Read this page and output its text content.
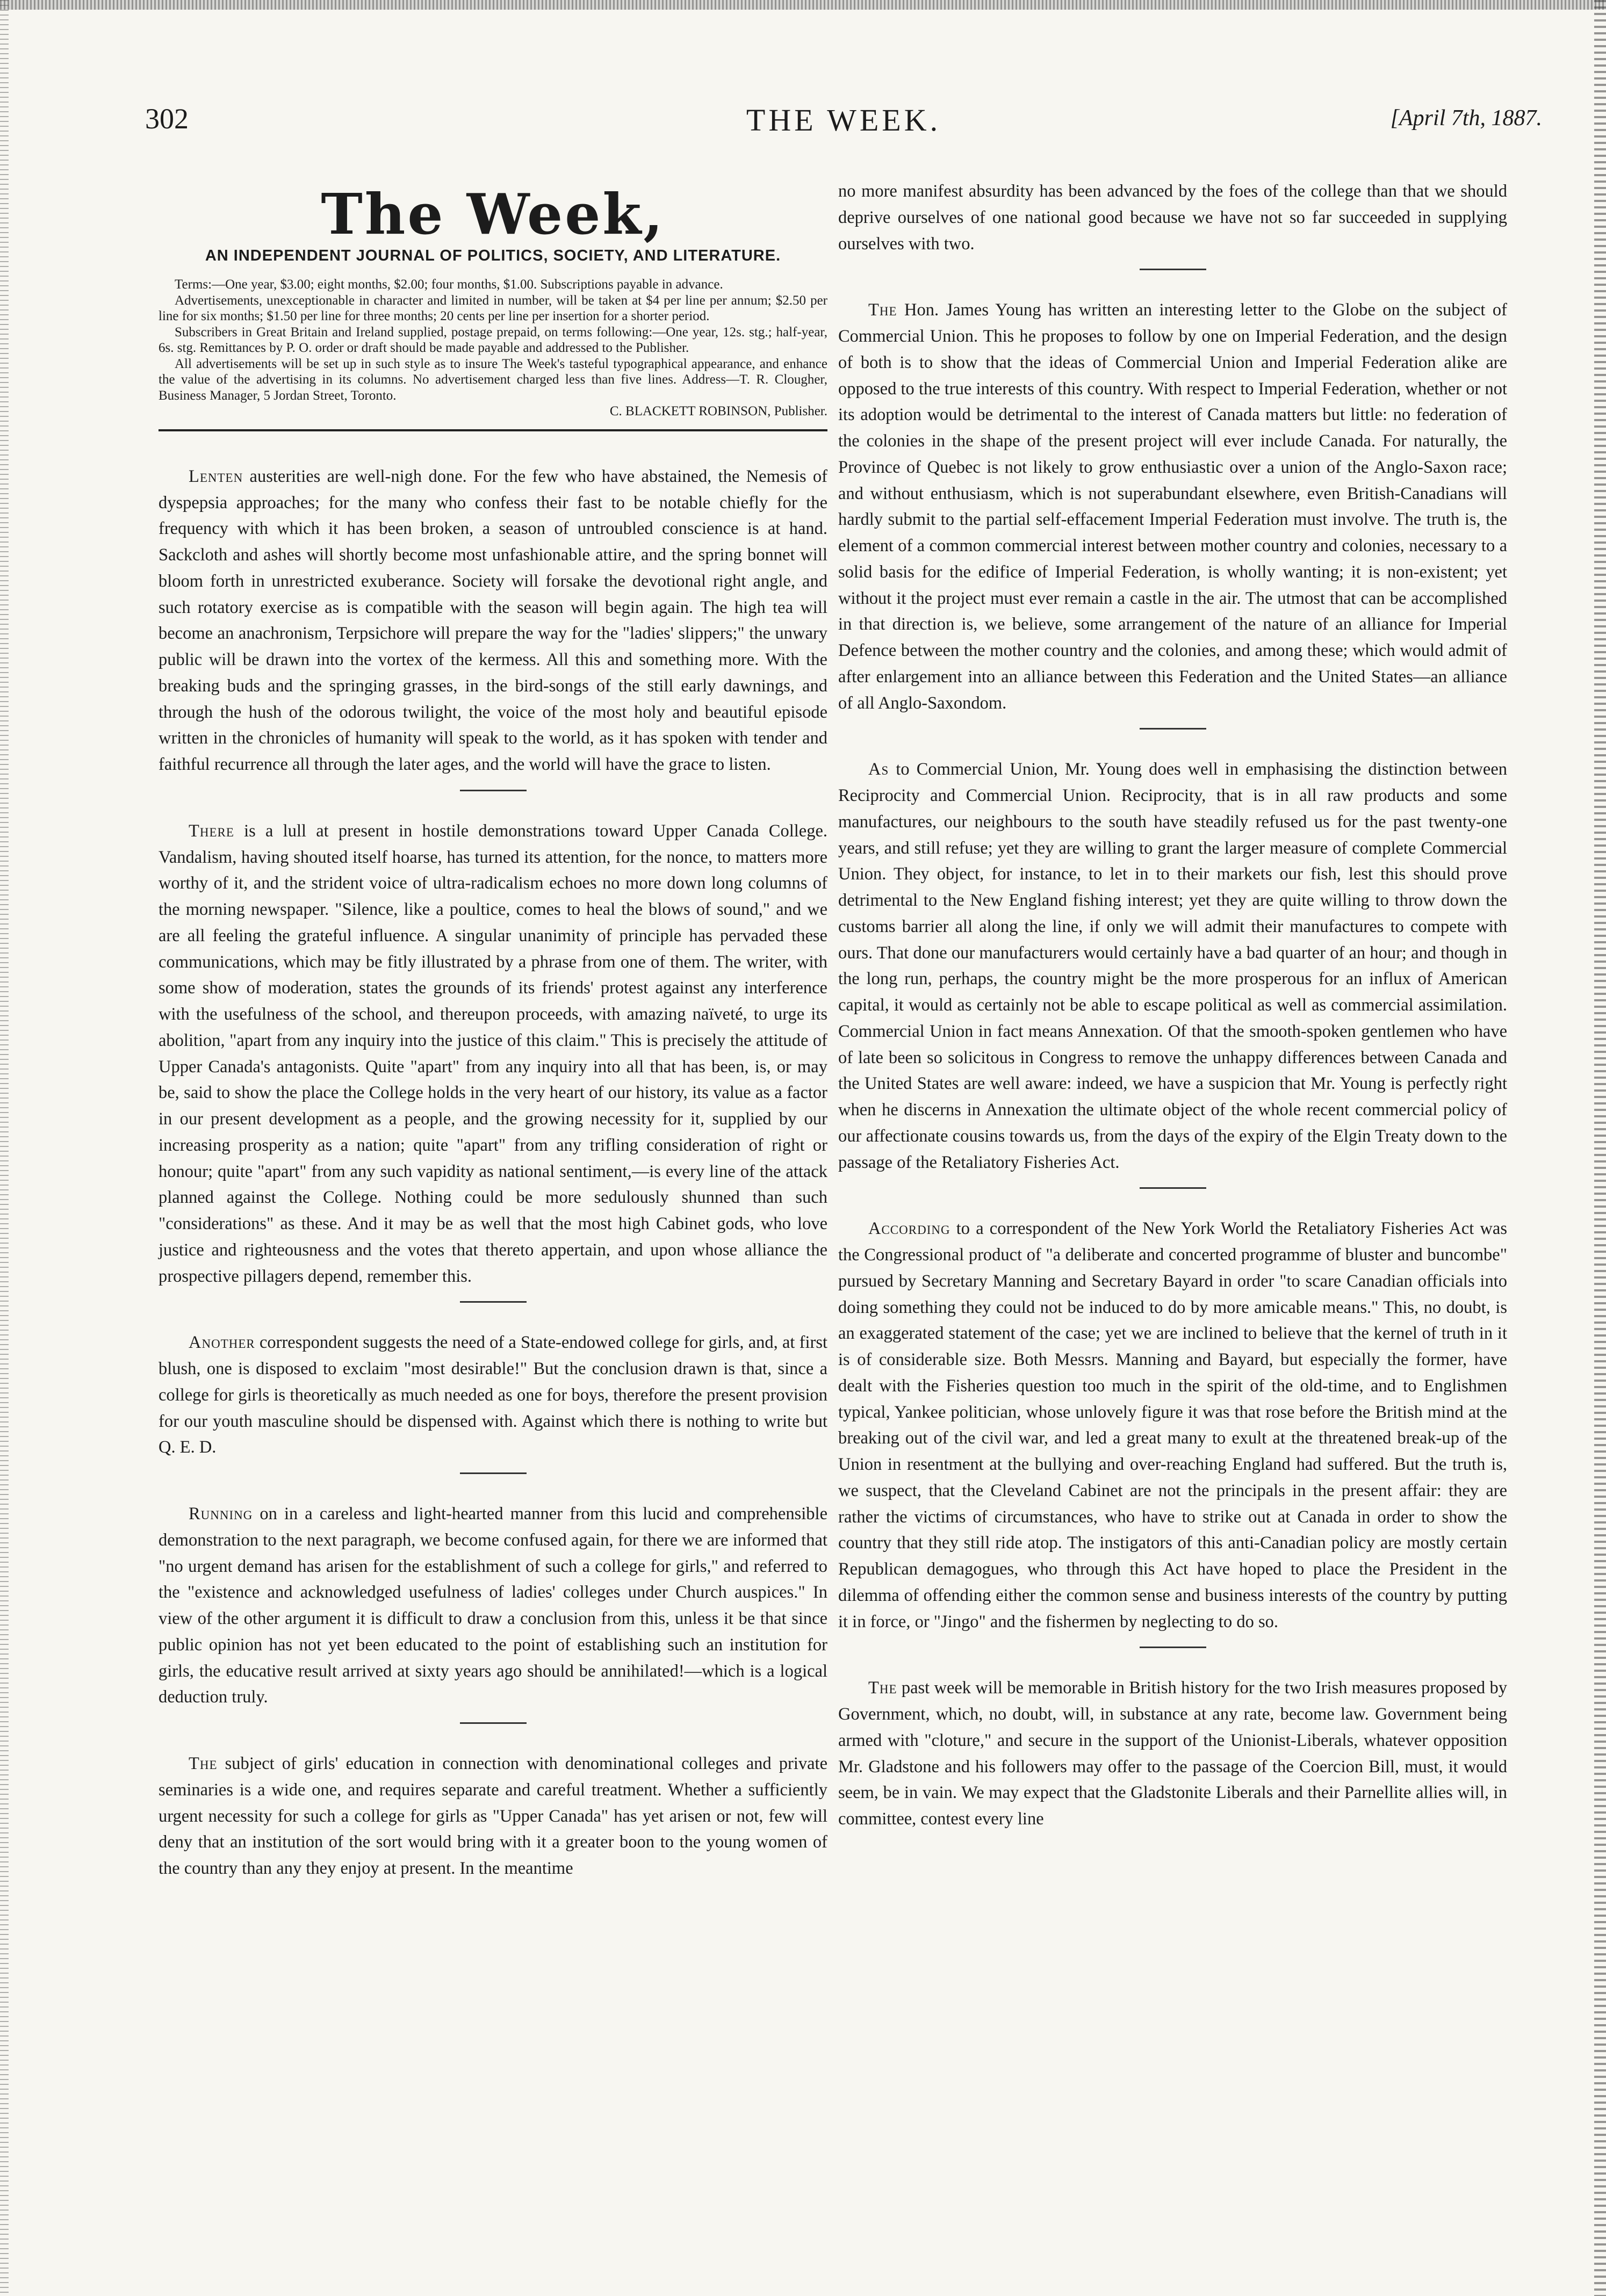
302	THE WEEK.	[April 7th, 1887.
The Week,
AN INDEPENDENT JOURNAL OF POLITICS, SOCIETY, AND LITERATURE.

Terms:—One year, $3.00; eight months, $2.00; four months, $1.00. Subscriptions payable in advance.

Advertisements, unexceptionable in character and limited in number, will be taken at $4 per line per annum; $2.50 per line for six months; $1.50 per line for three months; 20 cents per line per insertion for a shorter period.

Subscribers in Great Britain and Ireland supplied, postage prepaid, on terms following:—One year, 12s. stg.; half-year, 6s. stg. Remittances by P. O. order or draft should be made payable and addressed to the Publisher.

All advertisements will be set up in such style as to insure The Week's tasteful typographical appearance, and enhance the value of the advertising in its columns. No advertisement charged less than five lines. Address—T. R. Clougher, Business Manager, 5 Jordan Street, Toronto.

C. BLACKETT ROBINSON, Publisher.

Lenten austerities are well-nigh done. For the few who have abstained, the Nemesis of dyspepsia approaches; for the many who confess their fast to be notable chiefly for the frequency with which it has been broken, a season of untroubled conscience is at hand. Sackcloth and ashes will shortly become most unfashionable attire, and the spring bonnet will bloom forth in unrestricted exuberance. Society will forsake the devotional right angle, and such rotatory exercise as is compatible with the season will begin again. The high tea will become an anachronism, Terpsichore will prepare the way for the "ladies' slippers;" the unwary public will be drawn into the vortex of the kermess. All this and something more. With the breaking buds and the springing grasses, in the bird-songs of the still early dawnings, and through the hush of the odorous twilight, the voice of the most holy and beautiful episode written in the chronicles of humanity will speak to the world, as it has spoken with tender and faithful recurrence all through the later ages, and the world will have the grace to listen.

There is a lull at present in hostile demonstrations toward Upper Canada College. Vandalism, having shouted itself hoarse, has turned its attention, for the nonce, to matters more worthy of it, and the strident voice of ultra-radicalism echoes no more down long columns of the morning newspaper. "Silence, like a poultice, comes to heal the blows of sound," and we are all feeling the grateful influence. A singular unanimity of principle has pervaded these communications, which may be fitly illustrated by a phrase from one of them. The writer, with some show of moderation, states the grounds of its friends' protest against any interference with the usefulness of the school, and thereupon proceeds, with amazing naïveté, to urge its abolition, "apart from any inquiry into the justice of this claim." This is precisely the attitude of Upper Canada's antagonists. Quite "apart" from any inquiry into all that has been, is, or may be, said to show the place the College holds in the very heart of our history, its value as a factor in our present development as a people, and the growing necessity for it, supplied by our increasing prosperity as a nation; quite "apart" from any trifling consideration of right or honour; quite "apart" from any such vapidity as national sentiment,—is every line of the attack planned against the College. Nothing could be more sedulously shunned than such "considerations" as these. And it may be as well that the most high Cabinet gods, who love justice and righteousness and the votes that thereto appertain, and upon whose alliance the prospective pillagers depend, remember this.

Another correspondent suggests the need of a State-endowed college for girls, and, at first blush, one is disposed to exclaim "most desirable!" But the conclusion drawn is that, since a college for girls is theoretically as much needed as one for boys, therefore the present provision for our youth masculine should be dispensed with. Against which there is nothing to write but Q. E. D.

Running on in a careless and light-hearted manner from this lucid and comprehensible demonstration to the next paragraph, we become confused again, for there we are informed that "no urgent demand has arisen for the establishment of such a college for girls," and referred to the "existence and acknowledged usefulness of ladies' colleges under Church auspices." In view of the other argument it is difficult to draw a conclusion from this, unless it be that since public opinion has not yet been educated to the point of establishing such an institution for girls, the educative result arrived at sixty years ago should be annihilated!—which is a logical deduction truly.

The subject of girls' education in connection with denominational colleges and private seminaries is a wide one, and requires separate and careful treatment. Whether a sufficiently urgent necessity for such a college for girls as "Upper Canada" has yet arisen or not, few will deny that an institution of the sort would bring with it a greater boon to the young women of the country than any they enjoy at present. In the meantime

no more manifest absurdity has been advanced by the foes of the college than that we should deprive ourselves of one national good because we have not so far succeeded in supplying ourselves with two.

The Hon. James Young has written an interesting letter to the Globe on the subject of Commercial Union. This he proposes to follow by one on Imperial Federation, and the design of both is to show that the ideas of Commercial Union and Imperial Federation alike are opposed to the true interests of this country. With respect to Imperial Federation, whether or not its adoption would be detrimental to the interest of Canada matters but little: no federation of the colonies in the shape of the present project will ever include Canada. For naturally, the Province of Quebec is not likely to grow enthusiastic over a union of the Anglo-Saxon race; and without enthusiasm, which is not superabundant elsewhere, even British-Canadians will hardly submit to the partial self-effacement Imperial Federation must involve. The truth is, the element of a common commercial interest between mother country and colonies, necessary to a solid basis for the edifice of Imperial Federation, is wholly wanting; it is non-existent; yet without it the project must ever remain a castle in the air. The utmost that can be accomplished in that direction is, we believe, some arrangement of the nature of an alliance for Imperial Defence between the mother country and the colonies, and among these; which would admit of after enlargement into an alliance between this Federation and the United States—an alliance of all Anglo-Saxondom.

As to Commercial Union, Mr. Young does well in emphasising the distinction between Reciprocity and Commercial Union. Reciprocity, that is in all raw products and some manufactures, our neighbours to the south have steadily refused us for the past twenty-one years, and still refuse; yet they are willing to grant the larger measure of complete Commercial Union. They object, for instance, to let in to their markets our fish, lest this should prove detrimental to the New England fishing interest; yet they are quite willing to throw down the customs barrier all along the line, if only we will admit their manufactures to compete with ours. That done our manufacturers would certainly have a bad quarter of an hour; and though in the long run, perhaps, the country might be the more prosperous for an influx of American capital, it would as certainly not be able to escape political as well as commercial assimilation. Commercial Union in fact means Annexation. Of that the smooth-spoken gentlemen who have of late been so solicitous in Congress to remove the unhappy differences between Canada and the United States are well aware: indeed, we have a suspicion that Mr. Young is perfectly right when he discerns in Annexation the ultimate object of the whole recent commercial policy of our affectionate cousins towards us, from the days of the expiry of the Elgin Treaty down to the passage of the Retaliatory Fisheries Act.

According to a correspondent of the New York World the Retaliatory Fisheries Act was the Congressional product of "a deliberate and concerted programme of bluster and buncombe" pursued by Secretary Manning and Secretary Bayard in order "to scare Canadian officials into doing something they could not be induced to do by more amicable means." This, no doubt, is an exaggerated statement of the case; yet we are inclined to believe that the kernel of truth in it is of considerable size. Both Messrs. Manning and Bayard, but especially the former, have dealt with the Fisheries question too much in the spirit of the old-time, and to Englishmen typical, Yankee politician, whose unlovely figure it was that rose before the British mind at the breaking out of the civil war, and led a great many to exult at the threatened break-up of the Union in resentment at the bullying and over-reaching England had suffered. But the truth is, we suspect, that the Cleveland Cabinet are not the principals in the present affair: they are rather the victims of circumstances, who have to strike out at Canada in order to show the country that they still ride atop. The instigators of this anti-Canadian policy are mostly certain Republican demagogues, who through this Act have hoped to place the President in the dilemma of offending either the common sense and business interests of the country by putting it in force, or "Jingo" and the fishermen by neglecting to do so.

The past week will be memorable in British history for the two Irish measures proposed by Government, which, no doubt, will, in substance at any rate, become law. Government being armed with "cloture," and secure in the support of the Unionist-Liberals, whatever opposition Mr. Gladstone and his followers may offer to the passage of the Coercion Bill, must, it would seem, be in vain. We may expect that the Gladstonite Liberals and their Parnellite allies will, in committee, contest every line
